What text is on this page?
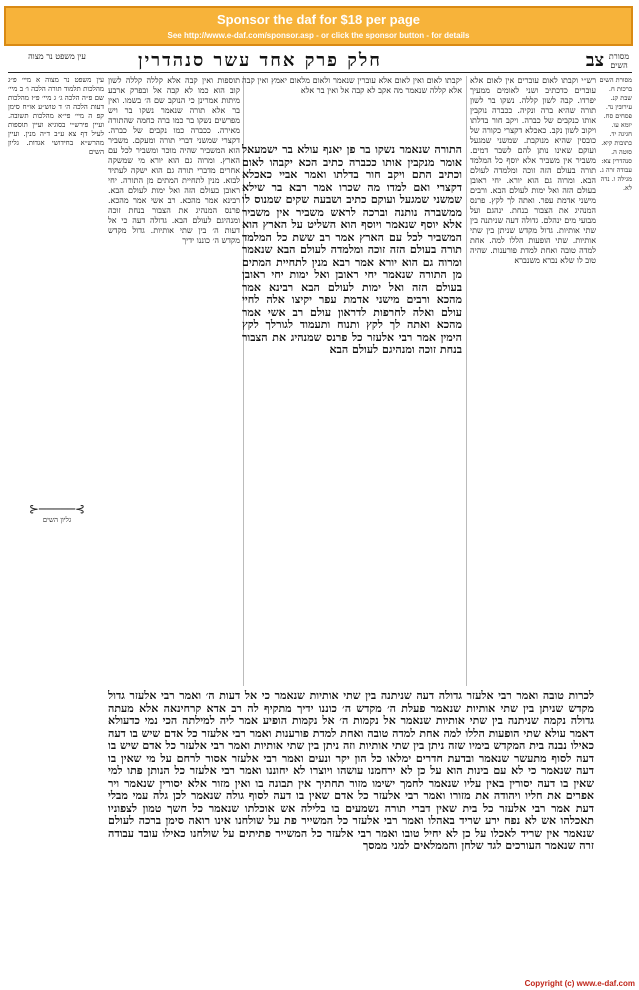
Sponsor the daf for $18 per page
See http://www.e-daf.com/sponsor.asp - or click the sponsor button - for details
עין משפט נר מצוה	חלק פרק אחד עשר סנהדרין	צב מסורת השים
עין משפט נר מצוה א מיי׳ פ״ג מהלכות תלמוד תורה הלכה ו׳ ב מיי׳ שם פ״ה הלכה ג׳ ג מיי׳ פ״ז מהלכות דעות הלכה ה׳ ד טוש״ע או״ח סימן קפ ה מיי׳ פי״א מהלכות תשובה. ועיין פירש״י בסוגיא ועיין תוספות לעיל דף צא ע״ב ד״ה מנין. ועיין מהרש״א בחידושי אגדות. גליון השים
⊱─────⊰
גליון השים
תוספות ואין קבה אלא קללה קללה לשון קוב הוא כמו לא קבה אל ובפרק ארבע מיתות אמרינן כי הנוקב שם ה׳ בשמו. ואין בר אלא תורה שנאמר נשקו בר ויש מפרשים נשקו בר כמו ברה כחמה שהתורה מאירה. ככברה כמו נקבים של כברה. דקצרי שמשני דברי תורה ומעקם. משביר הוא המשביר שהיה מוכר ומשביר לכל עם הארץ. ומרוה גם הוא יורא מי שמשקה אחרים מדברי תורה גם הוא ישקה לעתיד לבוא. מנין לתחיית המתים מן התורה. יחי ראובן בעולם הזה ואל ימות לעולם הבא. רבינא אמר מהכא. רב אשי אמר מהכא. פרנס המנהיג את הצבור בנחת זוכה ומנהיגם לעולם הבא. גדולה דעה כי אל דעות ה׳ בין שתי אותיות. גדול מקדש מקדש ה׳ כוננו ידיך
יקבתו לאום ואין לאום אלא עוברין שנאמר ולאום מלאום יאמץ ואין קבה אלא קללה שנאמר מה אקב לא קבה אל ואין בר אלא
התורה שנאמר נשקו בר פן יאנף עולא בר ישמעאל אומר מנקבין אותו ככברה כתיב הכא יקבהו לאום וכתיב התם ויקב חור בדלתו ואמר אביי כאכלא דקצרי ואם למדו מה שכרו אמר רבא בר שילא שמשני שמגעל ועוקם כתיב ושבעה שקים שמנוס לו ממשברה נותנה וברכה לראש משביר אין משביר אלא יוסף שנאמר ויוסף הוא השליט על הארץ הוא המשביר לכל עם הארץ אמר רב ששת כל המלמד תורה בעולם הזה זוכה ומלמדה לעולם הבא שנאמר ומרוה גם הוא יורא אמר רבא מנין לתחיית המתים מן התורה שנאמר יחי ראובן ואל ימות יחי ראובן בעולם הזה ואל ימות לעולם הבא רבינא אמר מהכא ורבים מישני אדמת עפר יקיצו אלה לחיי עולם ואלה לחרפות לדראון עולם רב אשי אמר מהכא ואתה לך לקץ ותנוח ותעמוד לגורלך לקץ הימין אמר רבי אלעזר כל פרנס שמנהיג את הצבור בנחת זוכה ומנהיגם לעולם הבא
רש״י וקבתו לאום עוברים אין לאום אלא עוברים כדכתיב ושני לאומים ממעיך יפרדו. קבה לשון קללה. נשקו בר לשון תורה שהיא ברה ונקיה. ככברה נוקבין אותו כנקבים של כברה. ויקב חור בדלתו ויקוב לשון נקב. כאכלא דקצרי כקורה של כובסין שהיא מנוקבת. שמשני שמגעל ועוקם שאינו נותן להם לשבר דמים. משביר אין משביר אלא יוסף כל המלמד תורה בעולם הזה זוכה ומלמדה לעולם הבא. ומרוה גם הוא יורא. יחי ראובן בעולם הזה ואל ימות לעולם הבא. ורבים מישני אדמת עפר. ואתה לך לקץ. פרנס המנהיג את הצבור בנחת. ינהגם ועל מבועי מים ינהלם. גדולה דעה שניתנה בין שתי אותיות. גדול מקדש שניתן בין שתי אותיות. שתי הופעות הללו למה. אחת למדה טובה ואחת למדת פורענות. שהיה טוב לו שלא נברא משנברא
מסורת השים ברכות ח. שבת קנ. עירובין נד. פסחים סח. יומא עו. חגיגה יד. כתובות קיא. סוטה ה. סנהדרין צא: עבודה זרה ג. מגילה ו. נדה לא.
לכרות טובה ואמר רבי אלעזר גדולה דעה שניתנה בין שתי אותיות שנאמר כי אל דעות ה׳ ואמר רבי אלעזר גדול מקדש שניתן בין שתי אותיות שנאמר פעלת ה׳ מקדש ה׳ כוננו ידיך מתקיף לה רב אדא קרחינאה אלא מעתה גדולה נקמה שניתנה בין שתי אותיות שנאמר אל נקמות ה׳ אל נקמות הופיע אמר ליה למילתה הכי נמי כדעולא דאמר עולא שתי הופעות הללו למה אחת למדה טובה ואחת למדת פורענות ואמר רבי אלעזר כל אדם שיש בו דעה כאילו נבנה בית המקדש בימיו שזה ניתן בין שתי אותיות וזה ניתן בין שתי אותיות ואמר רבי אלעזר כל אדם שיש בו דעה לסוף מתעשר שנאמר ובדעת חדרים ימלאו כל הון יקר ונעים ואמר רבי אלעזר אסור לרחם על מי שאין בו דעה שנאמר כי לא עם בינות הוא על כן לא ירחמנו עושהו ויוצרו לא יחוננו ואמר רבי אלעזר כל הנותן פתו למי שאין בו דעה יסורין באין עליו שנאמר לחמך ישימו מזור תחתיך אין תבונה בו ואין מזור אלא יסורין שנאמר ויר אפרים את חליו ויהודה את מזורו ואמר רבי אלעזר כל אדם שאין בו דעה לסוף גולה שנאמר לכן גלה עמי מבלי דעת אמר רבי אלעזר כל בית שאין דברי תורה נשמעים בו בלילה אש אוכלתו שנאמר כל חשך טמון לצפוניו תאכלהו אש לא נפח ירע שריד באהלו ואמר רבי אלעזר כל המשייר פת על שולחנו אינו רואה סימן ברכה לעולם שנאמר אין שריד לאכלו על כן לא יחיל טובו ואמר רבי אלעזר כל המשייר פתיתים על שולחנו כאילו עובד עבודה זרה שנאמר העורכים לגד שלחן והממלאים למני ממסך
Copyright (c) www.e-daf.com
